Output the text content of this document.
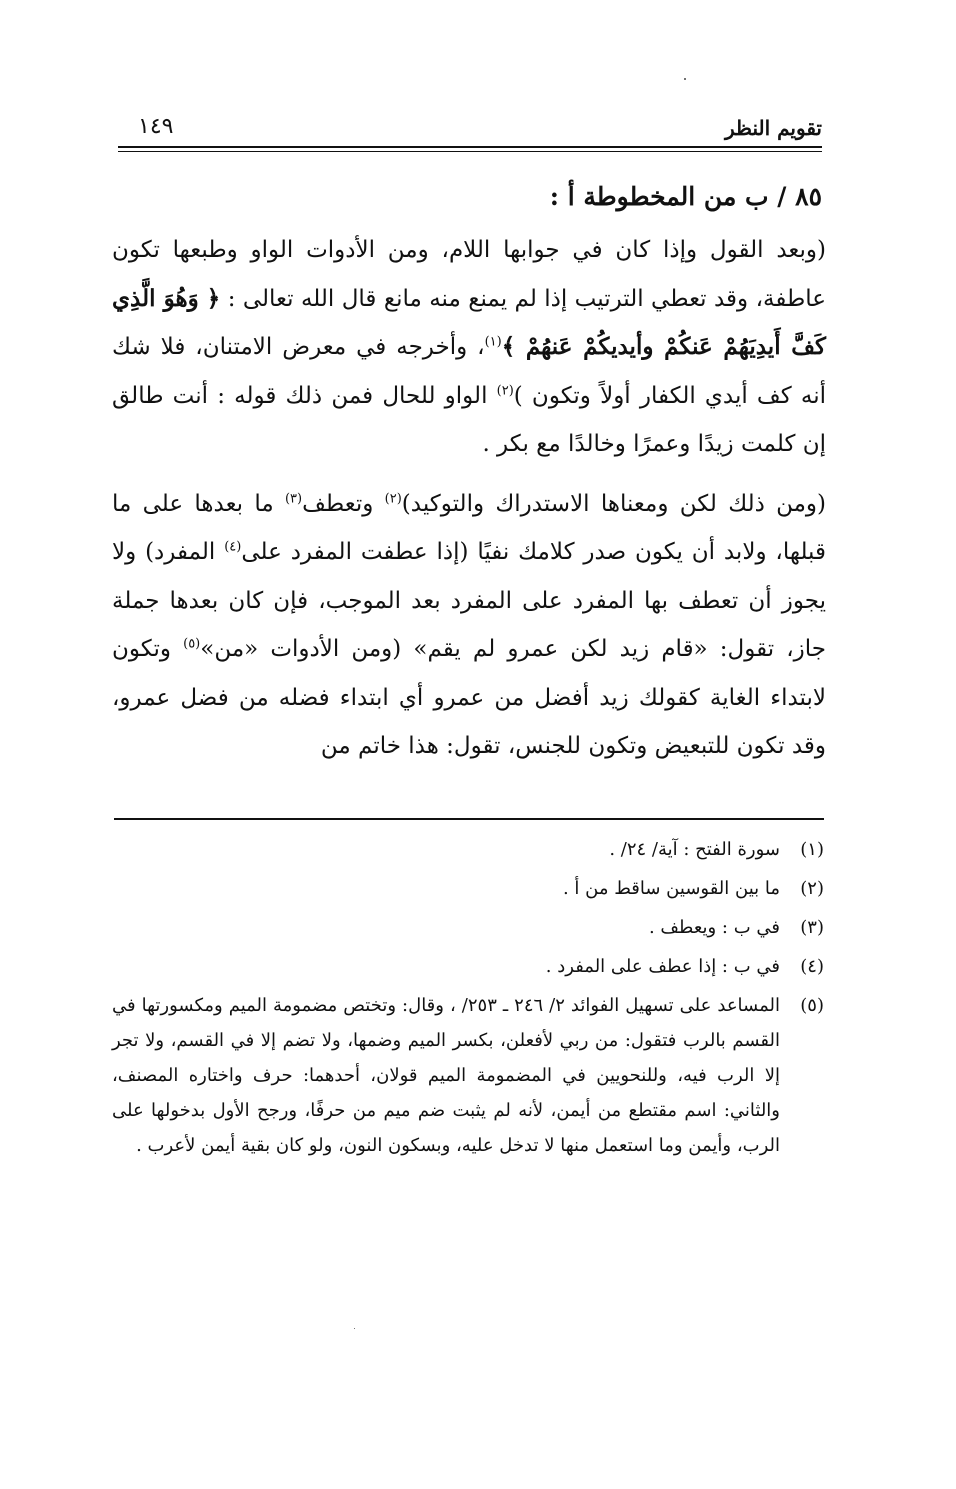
تقويم النظر
١٤٩
٨٥ / ب من المخطوطة أ :

(وبعد القول وإذا كان في جوابها اللام، ومن الأدوات الواو وطبعها تكون عاطفة، وقد تعطي الترتيب إذا لم يمنع منه مانع قال الله تعالى : ﴿ وَهُوَ الَّذِي كَفَّ أَيدِيَهُمْ عَنكُمْ وأيديكُمْ عَنهُمْ ﴾$^{(١)}$، وأخرجه في معرض الامتنان، فلا شك أنه كف أيدي الكفار أولاً وتكون )$^{(٢)}$ الواو للحال فمن ذلك قوله : أنت طالق إن كلمت زيدًا وعمرًا وخالدًا مع بكر .

(ومن ذلك لكن ومعناها الاستدراك والتوكيد)$^{(٢)}$ وتعطف$^{(٣)}$ ما بعدها على ما قبلها، ولابد أن يكون صدر كلامك نفيًا (إذا عطفت المفرد على$^{(٤)}$ المفرد) ولا يجوز أن تعطف بها المفرد على المفرد بعد الموجب، فإن كان بعدها جملة جاز، تقول: «قام زيد لكن عمرو لم يقم» (ومن الأدوات «من»$^{(٥)}$ وتكون لابتداء الغاية كقولك زيد أفضل من عمرو أي ابتداء فضله من فضل عمرو، وقد تكون للتبعيض وتكون للجنس، تقول: هذا خاتم من

(١)
سورة الفتح : آية/ ٢٤/ .
(٢)
ما بين القوسين ساقط من أ .
(٣)
في ب : ويعطف .
(٤)
في ب : إذا عطف على المفرد .
(٥)
المساعد على تسهيل الفوائد ٢/ ٢٤٦ ـ ٢٥٣/ ، وقال: وتختص مضمومة الميم ومكسورتها في القسم بالرب فتقول: من ربي لأفعلن، بكسر الميم وضمها، ولا تضم إلا في القسم، ولا تجر إلا الرب فيه، وللنحويين في المضمومة الميم قولان، أحدهما: حرف واختاره المصنف، والثاني: اسم مقتطع من أيمن، لأنه لم يثبت ضم ميم من حرفًا، ورجح الأول بدخولها على الرب، وأيمن وما استعمل منها لا تدخل عليه، وبسكون النون، ولو كان بقية أيمن لأعرب .
